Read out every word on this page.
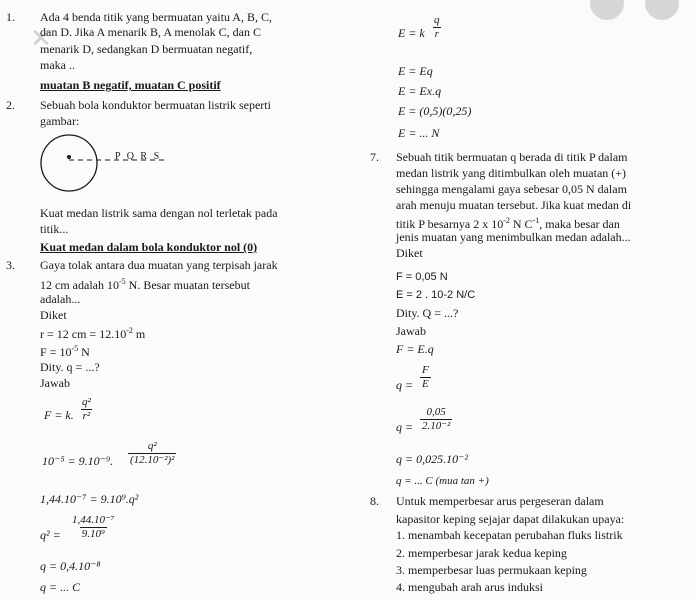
✕
1. Ada 4 benda titik yang bermuatan yaitu A, B, C,
dan D. Jika A menarik B, A menolak C, dan C
menarik D, sedangkan D bermuatan negatif,
maka ..
muatan B negatif, muatan C positif
2. Sebuah bola konduktor bermuatan listrik seperti
gambar:
P Q R S
Kuat medan listrik sama dengan nol terletak pada
titik...
Kuat medan dalam bola konduktor nol (0)
3. Gaya tolak antara dua muatan yang terpisah jarak
12 cm adalah $10^{-5}$ N. Besar muatan tersebut
adalah...
Diket
r = 12 cm = $12.10^{-2}$ m
$F = 10^{-5}$ N
Dity. q = ...?
Jawab
F = k. $\frac{\text{q²}}{\text{r²}}$
10⁻⁵ = 9.10⁻⁹. $\frac{\text{q²}}{\text{(12.10⁻²)²}}$
1,44.10⁻⁷ = 9.10⁹.q²
$q^2 = \frac{\text{1,44.10⁻⁷}}{\text{9.10⁹}}$
q = 0,4.10⁻⁸
q = ... C
E = k $\frac{q}{r}$
E = Eq
E = Ex.q
E = (0,5)(0,25)
E = ... N
7. Sebuah titik bermuatan q berada di titik P dalam
medan listrik yang ditimbulkan oleh muatan (+)
sehingga mengalami gaya sebesar 0,05 N dalam
arah menuju muatan tersebut. Jika kuat medan di
titik P besarnya 2 x $10^{-2}$ N $C^{-1}$, maka besar dan
jenis muatan yang menimbulkan medan adalah...
Diket
F = 0,05 N
E = 2 . 10-2 N/C
Dity. Q = ...?
Jawab
F = E.q
$q = \frac{F}{E}$
$q = \frac{0,05}{\text{2.10⁻²}}$
q = 0,025.10⁻²
q = ... C (mua tan +)
8. Untuk memperbesar arus pergeseran dalam
kapasitor keping sejajar dapat dilakukan upaya:
1. menambah kecepatan perubahan fluks listrik
2. memperbesar jarak kedua keping
3. memperbesar luas permukaan keping
4. mengubah arah arus induksi
